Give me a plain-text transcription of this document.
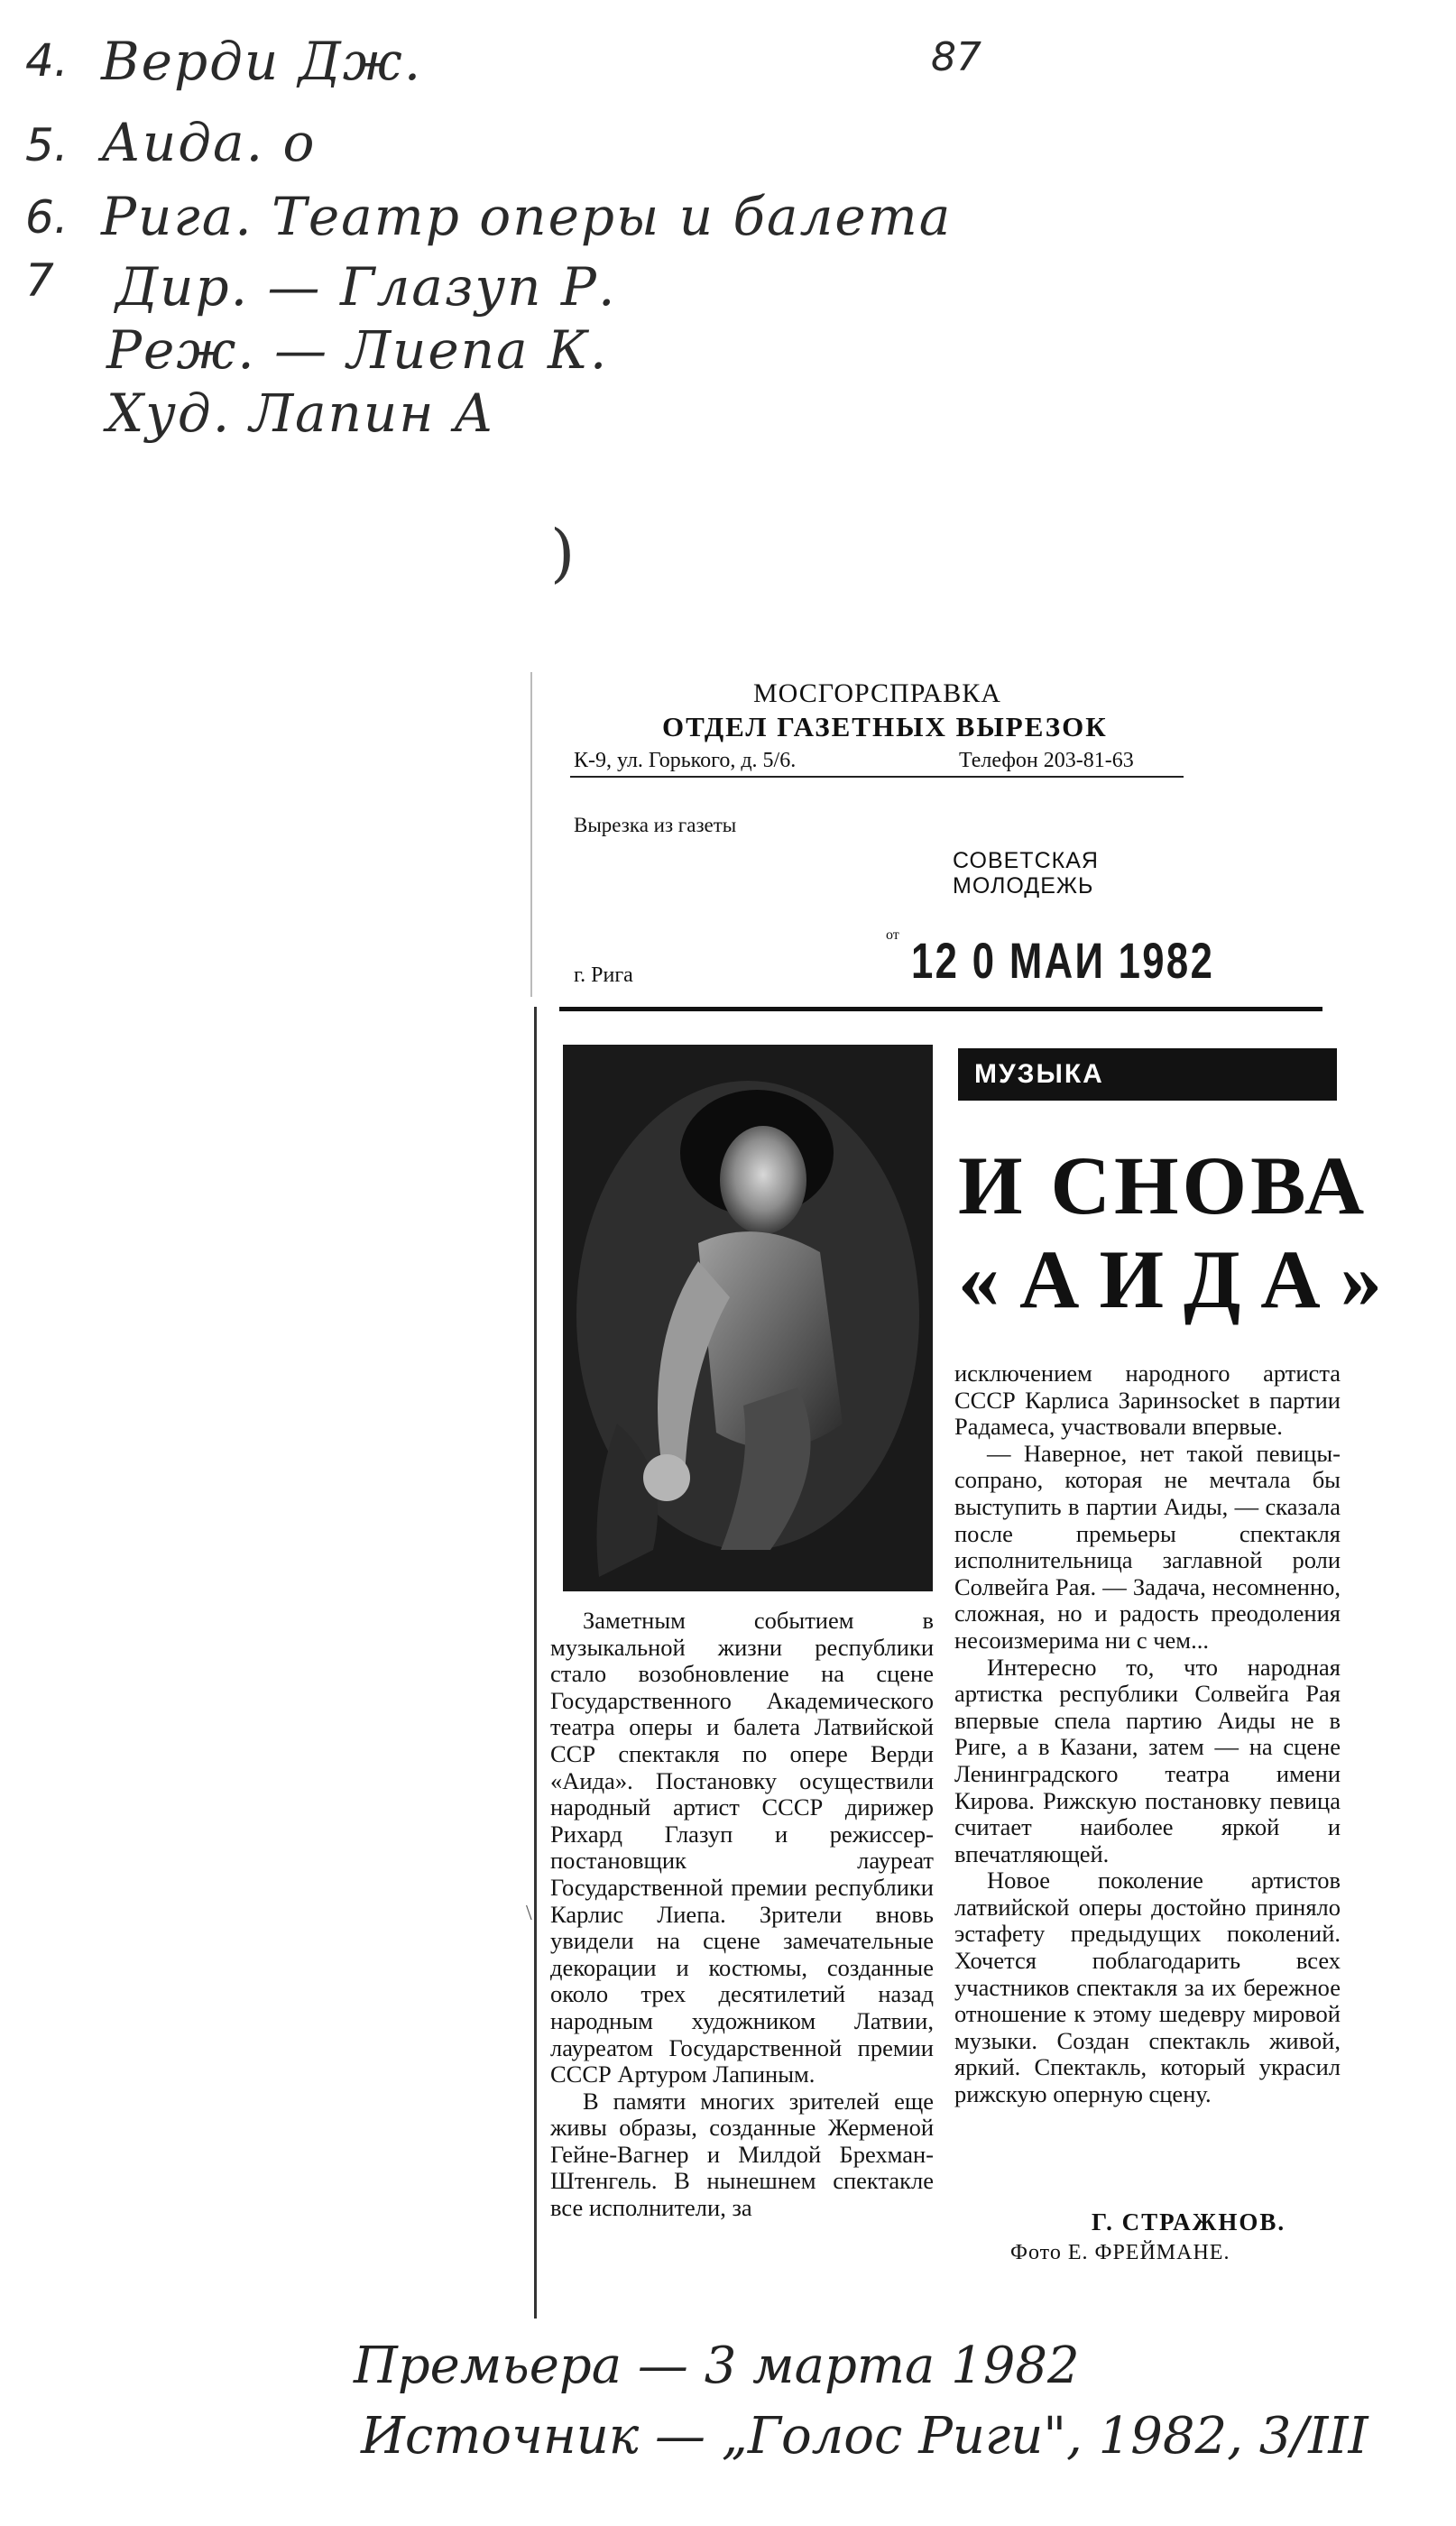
4. Верди Дж.
5. Аида. о
6. Рига. Театр оперы и балета
7 Дир. — Глазуп Р.
Реж. — Лиепа К.
Худ. Лапин А
87
)
МОСГОРСПРАВКА
ОТДЕЛ ГАЗЕТНЫХ ВЫРЕЗОК
К-9, ул. Горького, д. 5/6.	Телефон 203-81-63
Вырезка из газеты
СОВЕТСКАЯ
МОЛОДЕЖЬ
от 12 0 МАИ 1982
г. Рига
МУЗЫКА
И СНОВА
«АИДА»

Заметным событием в музыкальной жизни республики стало возобновление на сцене Государственного Академического театра оперы и балета Латвийской ССР спектакля по опере Верди «Аида». Постановку осуществили народный артист СССР дирижер Рихард Глазуп и режиссер-постановщик лауреат Государственной премии республики Карлис Лиепа. Зрители вновь увидели на сцене замечательные декорации и костюмы, созданные около трех десятилетий назад народным художником Латвии, лауреатом Государственной премии СССР Артуром Лапиным.

В памяти многих зрителей еще живы образы, созданные Жерменой Гейне-Вагнер и Милдой Брехман-Штенгель. В нынешнем спектакле все исполнители, за

исключением народного артиста СССР Карлиса Заринsocket в партии Радамеса, участвовали впервые.

— Наверное, нет такой певицы-сопрано, которая не мечтала бы выступить в партии Аиды, — сказала после премьеры спектакля исполнительница заглавной роли Солвейга Рая. — Задача, несомненно, сложная, но и радость преодоления несоизмерима ни с чем...

Интересно то, что народная артистка республики Солвейга Рая впервые спела партию Аиды не в Риге, а в Казани, затем — на сцене Ленинградского театра имени Кирова. Рижскую постановку певица считает наиболее яркой и впечатляющей.

Новое поколение артистов латвийской оперы достойно приняло эстафету предыдущих поколений. Хочется поблагодарить всех участников спектакля за их бережное отношение к этому шедевру мировой музыки. Создан спектакль живой, яркий. Спектакль, который украсил рижскую оперную сцену.

Г. СТРАЖНОВ.
Фото Е. ФРЕЙМАНЕ.
\
Премьера — 3 марта 1982
Источник — „Голос Риги", 1982, 3/III
